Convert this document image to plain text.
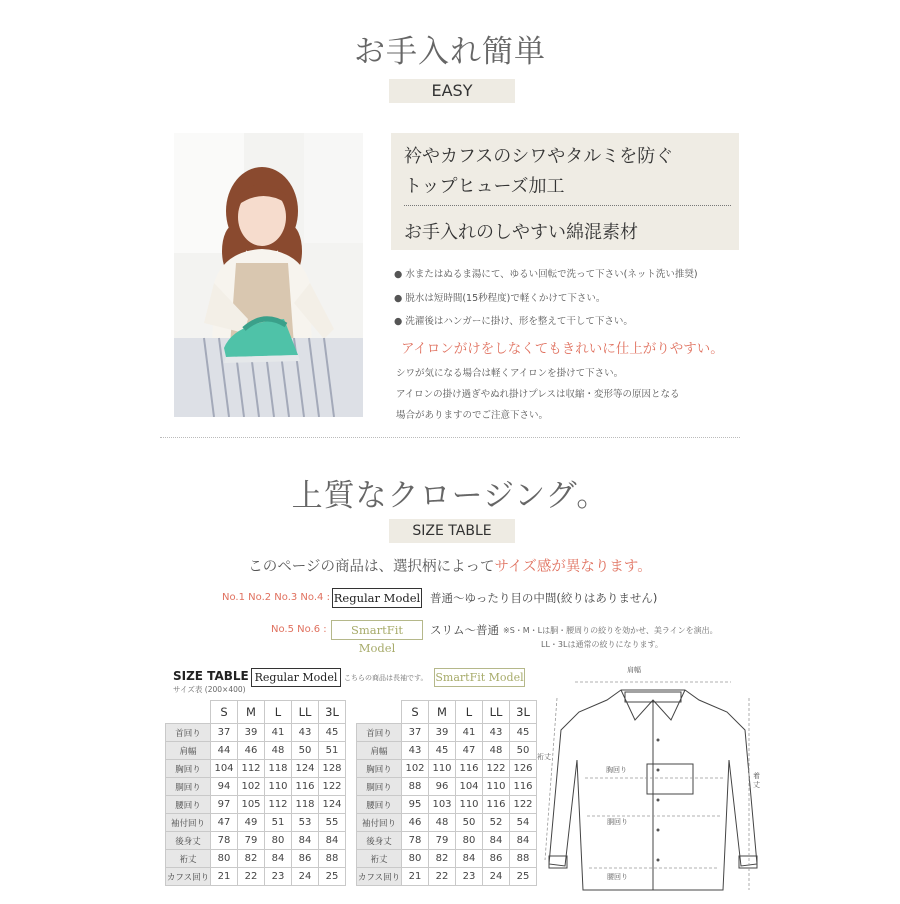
お手入れ簡単
EASY
衿やカフスのシワやタルミを防ぐ
トップヒューズ加工
お手入れのしやすい綿混素材
● 水またはぬるま湯にて、ゆるい回転で洗って下さい(ネット洗い推奨)
● 脱水は短時間(15秒程度)で軽くかけて下さい。
● 洗濯後はハンガーに掛け、形を整えて干して下さい。
アイロンがけをしなくてもきれいに仕上がりやすい。
シワが気になる場合は軽くアイロンを掛けて下さい。
アイロンの掛け過ぎやぬれ掛けプレスは収縮・変形等の原因となる
場合がありますのでご注意下さい。
上質なクロージング。
SIZE TABLE
このページの商品は、選択柄によってサイズ感が異なります。
No.1 No.2 No.3 No.4 : Regular Model 普通〜ゆったり目の中間(絞りはありません)
No.5 No.6 :	SmartFit Model
スリム〜普通 ※S・M・Lは胴・腰周りの絞りを効かせ、美ラインを演出。
LL・3Lは通常の絞りになります。
SIZE TABLE
サイズ表 (200×400)
Regular Model こちらの商品は長袖です。 SmartFit Model
	S	M	L	LL	3L
首回り	37	39	41	43	45
肩幅	44	46	48	50	51
胸回り	104	112	118	124	128
胴回り	94	102	110	116	122
腰回り	97	105	112	118	124
袖付回り	47	49	51	53	55
後身丈	78	79	80	84	84
裄丈	80	82	84	86	88
カフス回り	21	22	23	24	25
	S	M	L	LL	3L
首回り	37	39	41	43	45
肩幅	43	45	47	48	50
胸回り	102	110	116	122	126
胴回り	88	96	104	110	116
腰回り	95	103	110	116	122
袖付回り	46	48	50	52	54
後身丈	78	79	80	84	84
裄丈	80	82	84	86	88
カフス回り	21	22	23	24	25
肩幅
裄丈
胸回り
着丈
胴回り
腰回り
